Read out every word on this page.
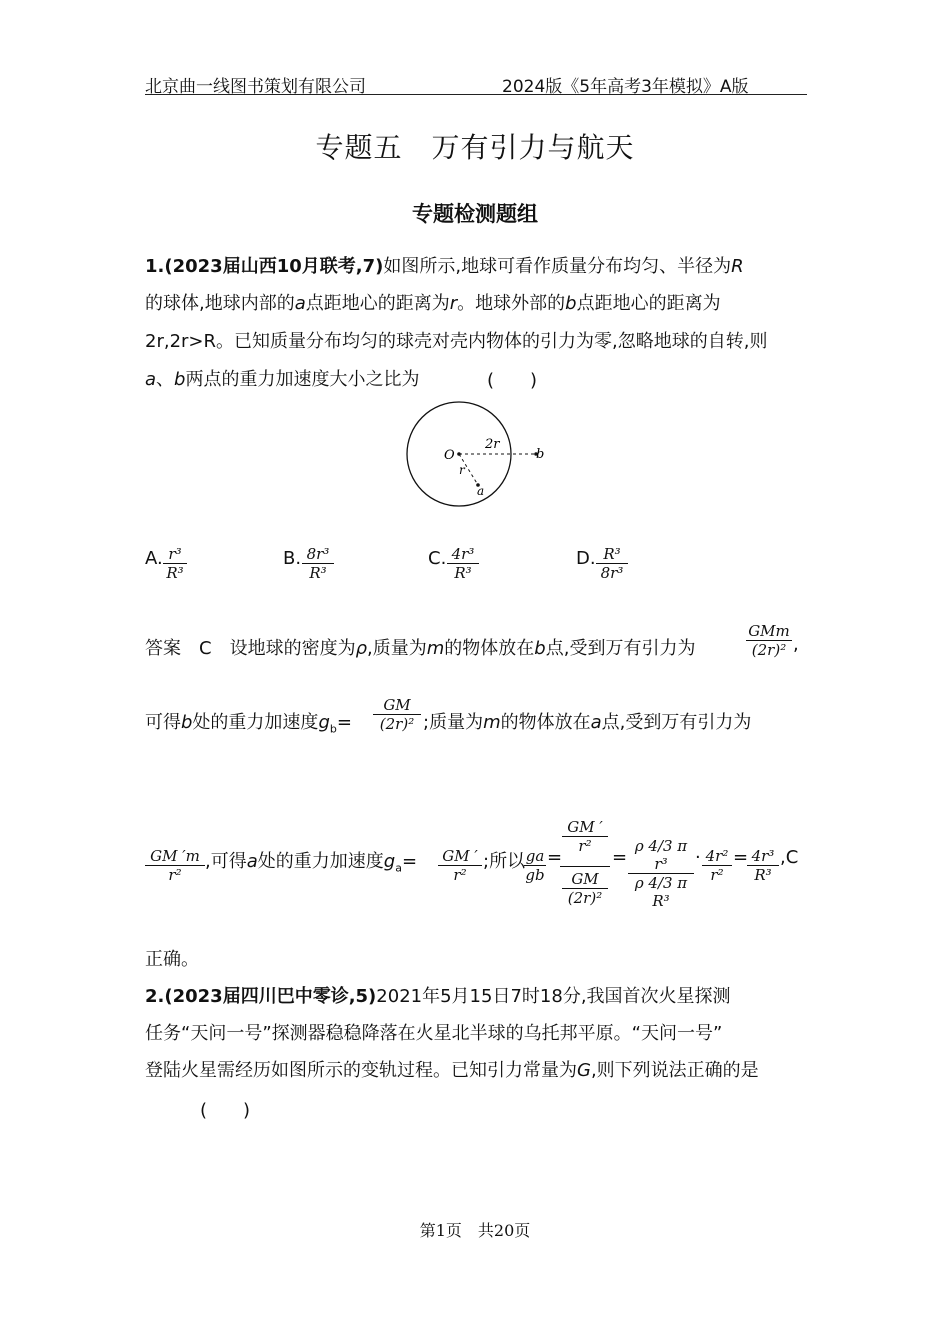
北京曲一线图书策划有限公司	2024版《5年高考3年模拟》A版
专题五　万有引力与航天
专题检测题组
1.(2023届山西10月联考,7)如图所示,地球可看作质量分布均匀、半径为R
的球体,地球内部的a点距地心的距离为r。地球外部的b点距地心的距离为
2r,2r>R。已知质量分布均匀的球壳对壳内物体的引力为零,忽略地球的自转,则
a、b两点的重力加速度大小之比为	(　　)
O
2r
r
a
b
A. r³
R³
B. 8r³
R³
C. 4r³
R³
D. R³
8r³
答案　C　设地球的密度为ρ,质量为m的物体放在b点,受到万有引力为
GMm
(2r)² ,
可得b处的重力加速度$g_b=$
GM
(2r)² ;质量为m的物体放在a点,受到万有引力为
GM ′m
r²
,可得a处的重力加速度$g_a=$ GM ′
r²
;所以 ga
gb
=
GM ′
r²
GM
(2r)²
=
ρ 4/3 π r³
ρ 4/3 π R³
· 4r²
r²
= 4r³
R³
,C
正确。
2.(2023届四川巴中零诊,5)2021年5月15日7时18分,我国首次火星探测
任务“天问一号”探测器稳稳降落在火星北半球的乌托邦平原。“天问一号”
登陆火星需经历如图所示的变轨过程。已知引力常量为G,则下列说法正确的是
(　　)
第1页　共20页
